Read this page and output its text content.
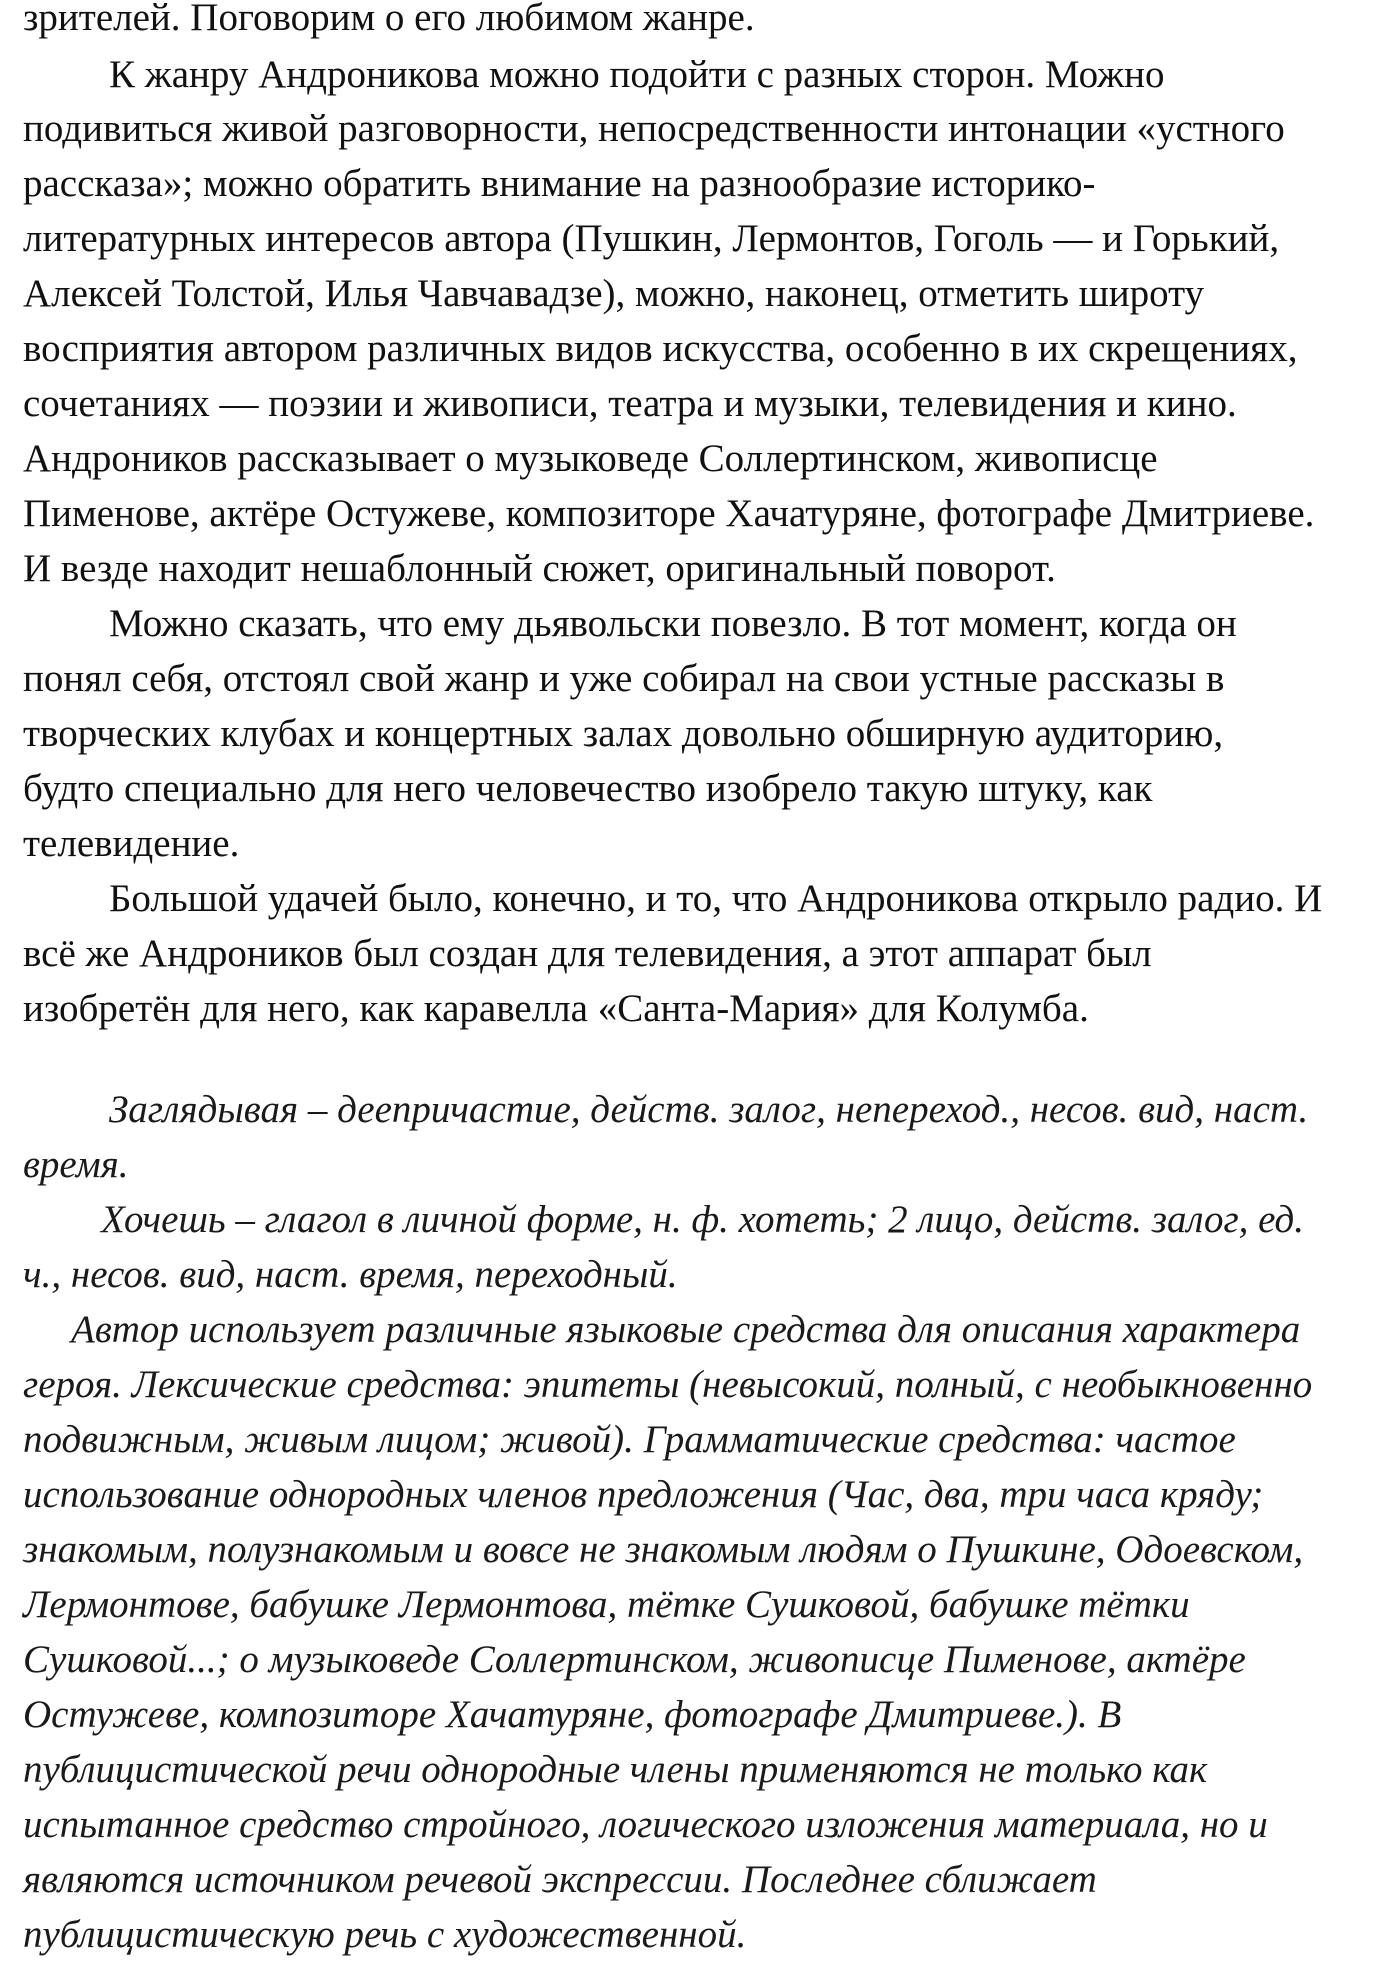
зрителей. Поговорим о его любимом жанре.
К жанру Андроникова можно подойти с разных сторон. Можно
подивиться живой разговорности, непосредственности интонации «устного
рассказа»; можно обратить внимание на разнообразие историко-
литературных интересов автора (Пушкин, Лермонтов, Гоголь — и Горький,
Алексей Толстой, Илья Чавчавадзе), можно, наконец, отметить широту
восприятия автором различных видов искусства, особенно в их скрещениях,
сочетаниях — поэзии и живописи, театра и музыки, телевидения и кино.
Андроников рассказывает о музыковеде Соллертинском, живописце
Пименове, актёре Остужеве, композиторе Хачатуряне, фотографе Дмитриеве.
И везде находит нешаблонный сюжет, оригинальный поворот.
Можно сказать, что ему дьявольски повезло. В тот момент, когда он
понял себя, отстоял свой жанр и уже собирал на свои устные рассказы в
творческих клубах и концертных залах довольно обширную аудиторию,
будто специально для него человечество изобрело такую штуку, как
телевидение.
Большой удачей было, конечно, и то, что Андроникова открыло радио. И
всё же Андроников был создан для телевидения, а этот аппарат был
изобретён для него, как каравелла «Санта-Мария» для Колумба.
Заглядывая – деепричастие, действ. залог, непереход., несов. вид, наст.
время.
Хочешь – глагол в личной форме, н. ф. хотеть; 2 лицо, действ. залог, ед.
ч., несов. вид, наст. время, переходный.
Автор использует различные языковые средства для описания характера
героя. Лексические средства: эпитеты (невысокий, полный, с необыкновенно
подвижным, живым лицом; живой). Грамматические средства: частое
использование однородных членов предложения (Час, два, три часа кряду;
знакомым, полузнакомым и вовсе не знакомым людям о Пушкине, Одоевском,
Лермонтове, бабушке Лермонтова, тётке Сушковой, бабушке тётки
Сушковой...; о музыковеде Соллертинском, живописце Пименове, актёре
Остужеве, композиторе Хачатуряне, фотографе Дмитриеве.). В
публицистической речи однородные члены применяются не только как
испытанное средство стройного, логического изложения материала, но и
являются источником речевой экспрессии. Последнее сближает
публицистическую речь с художественной.
